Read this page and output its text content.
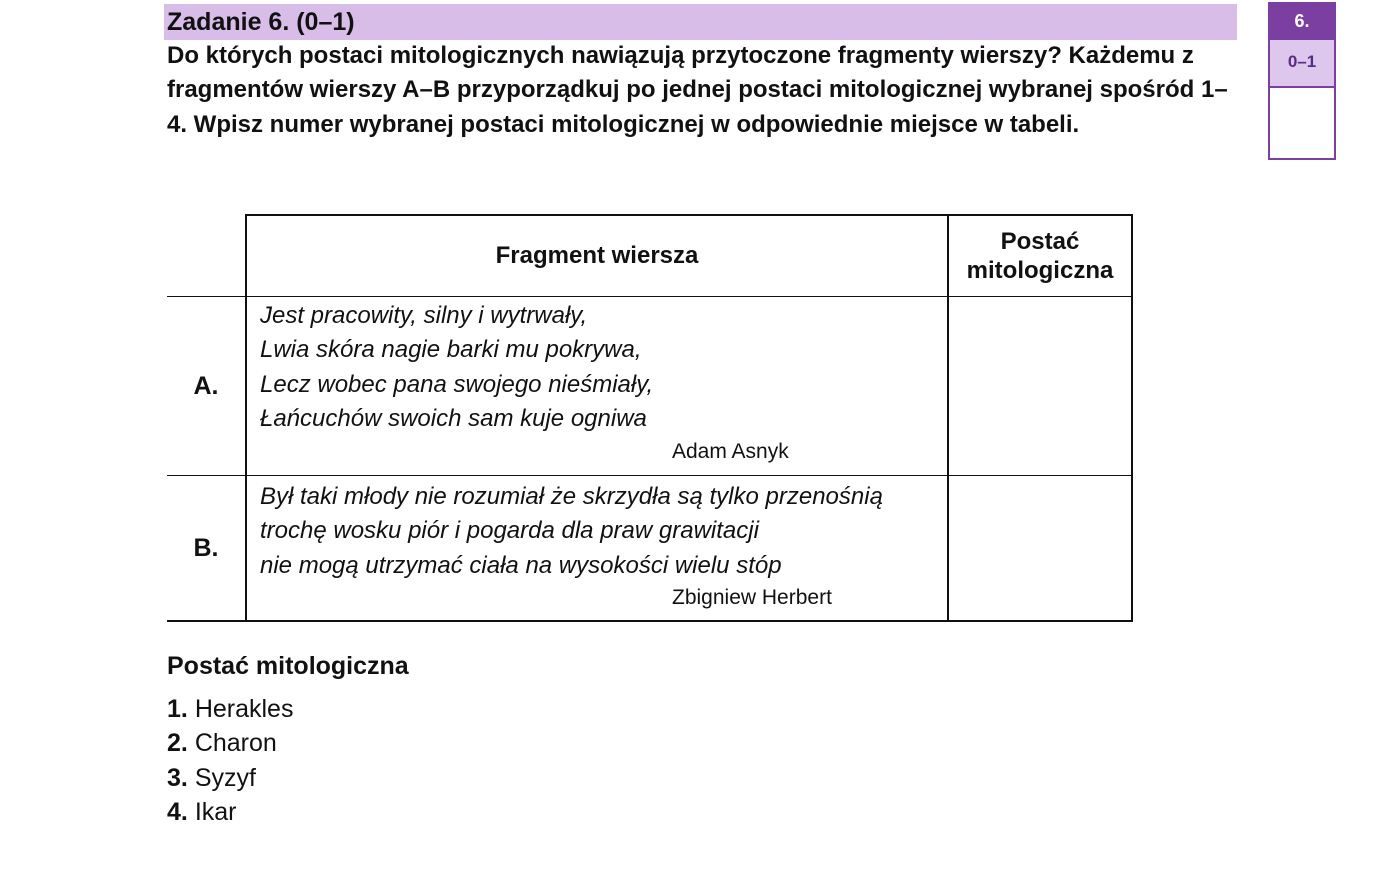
Zadanie 6. (0–1)
Do których postaci mitologicznych nawiązują przytoczone fragmenty wierszy? Każdemu z fragmentów wierszy A–B przyporządkuj po jednej postaci mitologicznej wybranej spośród 1–4. Wpisz numer wybranej postaci mitologicznej w odpowiednie miejsce w tabeli.
6.
0–1
	Fragment wiersza	Postać
mitologiczna
A.	Jest pracowity, silny i wytrwały,
Lwia skóra nagie barki mu pokrywa,
Lecz wobec pana swojego nieśmiały,
Łańcuchów swoich sam kuje ogniwa
Adam Asnyk	

B.	Był taki młody nie rozumiał że skrzydła są tylko przenośnią
trochę wosku piór i pogarda dla praw grawitacji
nie mogą utrzymać ciała na wysokości wielu stóp
Zbigniew Herbert	

Postać mitologiczna
1. Herakles
2. Charon
3. Syzyf
4. Ikar
